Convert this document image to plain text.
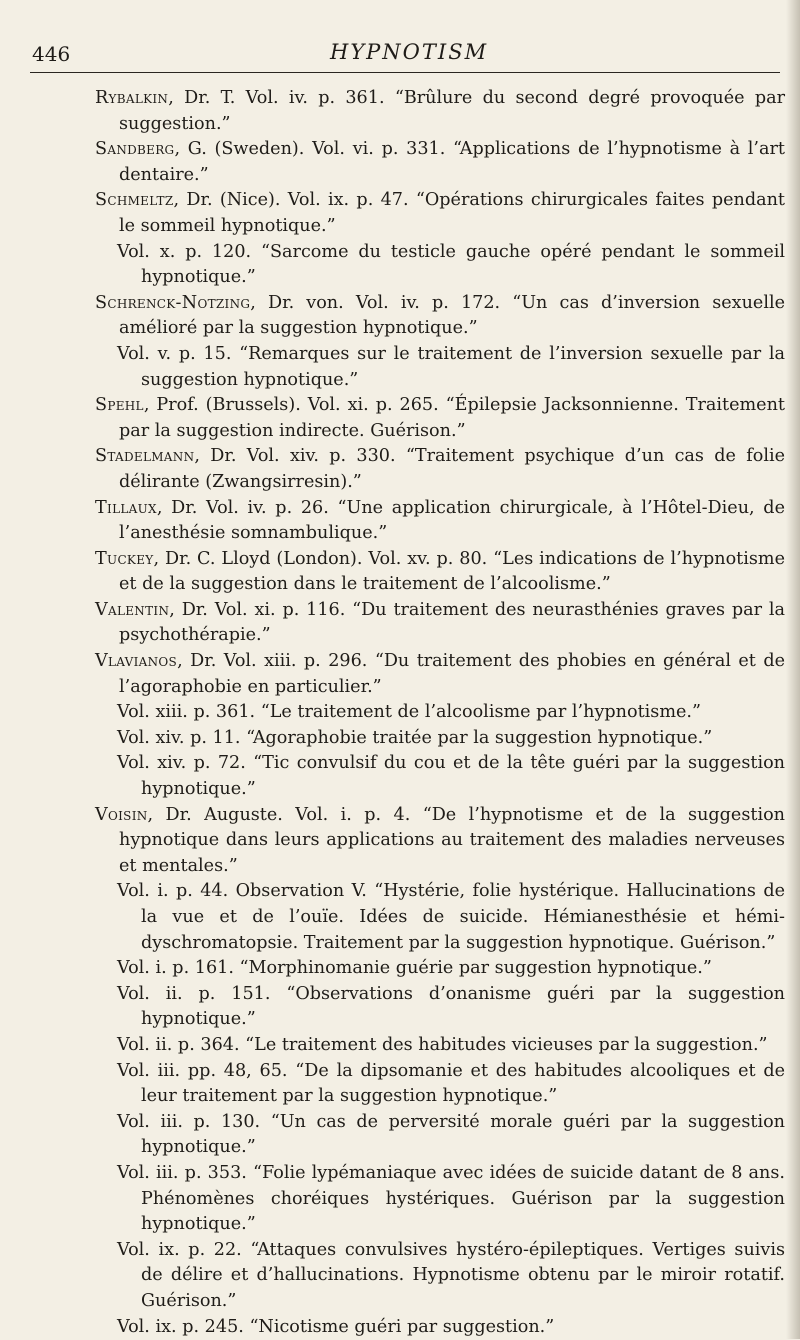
446	HYPNOTISM

Rybalkin, Dr. T. Vol. iv. p. 361. “Brûlure du second degré provoquée par suggestion.”

Sandberg, G. (Sweden). Vol. vi. p. 331. “Applications de l’hypnotisme à l’art dentaire.”

Schmeltz, Dr. (Nice). Vol. ix. p. 47. “Opérations chirurgicales faites pendant le sommeil hypnotique.”

Vol. x. p. 120. “Sarcome du testicle gauche opéré pendant le sommeil hypnotique.”

Schrenck-Notzing, Dr. von. Vol. iv. p. 172. “Un cas d’inversion sexuelle amélioré par la suggestion hypnotique.”

Vol. v. p. 15. “Remarques sur le traitement de l’inversion sexuelle par la suggestion hypnotique.”

Spehl, Prof. (Brussels). Vol. xi. p. 265. “Épilepsie Jacksonnienne. Traitement par la suggestion indirecte. Guérison.”

Stadelmann, Dr. Vol. xiv. p. 330. “Traitement psychique d’un cas de folie délirante (Zwangsirresin).”

Tillaux, Dr. Vol. iv. p. 26. “Une application chirurgicale, à l’Hôtel-Dieu, de l’anesthésie somnambulique.”

Tuckey, Dr. C. Lloyd (London). Vol. xv. p. 80. “Les indications de l’hypnotisme et de la suggestion dans le traitement de l’alcoolisme.”

Valentin, Dr. Vol. xi. p. 116. “Du traitement des neurasthénies graves par la psychothérapie.”

Vlavianos, Dr. Vol. xiii. p. 296. “Du traitement des phobies en général et de l’agoraphobie en particulier.”

Vol. xiii. p. 361. “Le traitement de l’alcoolisme par l’hypnotisme.”

Vol. xiv. p. 11. “Agoraphobie traitée par la suggestion hypnotique.”

Vol. xiv. p. 72. “Tic convulsif du cou et de la tête guéri par la suggestion hypnotique.”

Voisin, Dr. Auguste. Vol. i. p. 4. “De l’hypnotisme et de la suggestion hypnotique dans leurs applications au traitement des maladies nerveuses et mentales.”

Vol. i. p. 44. Observation V. “Hystérie, folie hystérique. Hallucinations de la vue et de l’ouïe. Idées de suicide. Hémianesthésie et hémi-dyschromatopsie. Traitement par la suggestion hypnotique. Guérison.”

Vol. i. p. 161. “Morphinomanie guérie par suggestion hypnotique.”

Vol. ii. p. 151. “Observations d’onanisme guéri par la suggestion hypnotique.”

Vol. ii. p. 364. “Le traitement des habitudes vicieuses par la suggestion.”

Vol. iii. pp. 48, 65. “De la dipsomanie et des habitudes alcooliques et de leur traitement par la suggestion hypnotique.”

Vol. iii. p. 130. “Un cas de perversité morale guéri par la suggestion hypnotique.”

Vol. iii. p. 353. “Folie lypémaniaque avec idées de suicide datant de 8 ans. Phénomènes choréiques hystériques. Guérison par la suggestion hypnotique.”

Vol. ix. p. 22. “Attaques convulsives hystéro-épileptiques. Vertiges suivis de délire et d’hallucinations. Hypnotisme obtenu par le miroir rotatif. Guérison.”

Vol. ix. p. 245. “Nicotisme guéri par suggestion.”
